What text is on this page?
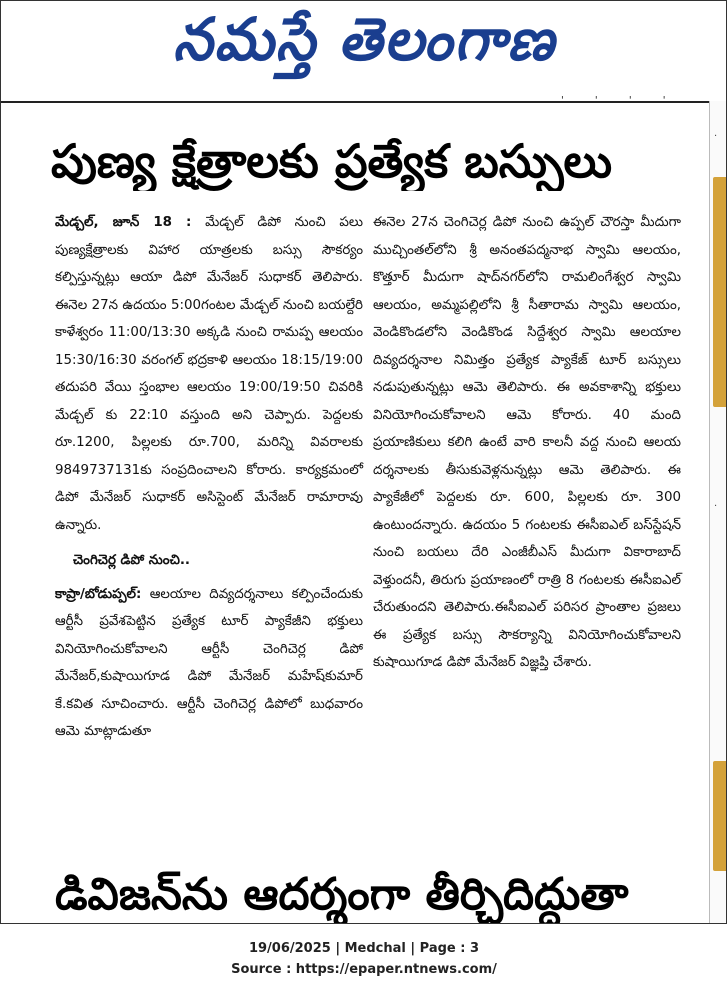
నమస్తే తెలంగాణ
పుణ్య క్షేత్రాలకు ప్రత్యేక బస్సులు

మేడ్చల్‌, జూన్‌ 18 : మేడ్చల్‌ డిపో నుంచి పలు పుణ్యక్షేత్రాలకు విహార యాత్రలకు బస్సు సౌకర్యం కల్పిస్తున్నట్లు ఆయా డిపో మేనేజర్‌ సుధాకర్‌ తెలిపారు. ఈనెల 27న ఉదయం 5:00గంటల మేడ్చల్‌ నుంచి బయల్దేరి కాళేశ్వరం 11:00/13:30 అక్కడి నుంచి రామప్ప ఆలయం 15:30/16:30 వరంగల్‌ భద్రకాళి ఆలయం 18:15/19:00 తదుపరి వేయి స్తంభాల ఆలయం 19:00/19:50 చివరికి మేడ్చల్‌ కు 22:10 వస్తుంది అని చెప్పారు. పెద్దలకు రూ.1200, పిల్లలకు రూ.700, మరిన్ని వివరాలకు 9849737131కు సంప్రదించాలని కోరారు. కార్యక్రమంలో డిపో మేనేజర్‌ సుధాకర్‌ అసిస్టెంట్‌ మేనేజర్‌ రామారావు ఉన్నారు.

చెంగిచెర్ల డిపో నుంచి..

కాప్రా/బోడుప్పల్‌: ఆలయాల దివ్యదర్శనాలు కల్పించేందుకు ఆర్టీసీ ప్రవేశపెట్టిన ప్రత్యేక టూర్‌ ప్యాకేజీని భక్తులు వినియోగించుకోవాలని ఆర్టీసీ చెంగిచెర్ల డిపో మేనేజర్‌,కుషాయిగూడ డిపో మేనేజర్‌ మహేష్‌కుమార్‌ కే.కవిత సూచించారు. ఆర్టీసీ చెంగిచెర్ల డిపోలో బుధవారం ఆమె మాట్లాడుతూ

ఈనెల 27న చెంగిచెర్ల డిపో నుంచి ఉప్పల్‌ చౌరస్తా మీదుగా ముచ్చింతల్‌లోని శ్రీ అనంతపద్మనాభ స్వామి ఆలయం, కొత్తూర్‌ మీదుగా షాద్‌నగర్‌లోని రామలింగేశ్వర స్వామి ఆలయం, అమ్మపల్లిలోని శ్రీ సీతారామ స్వామి ఆలయం, వెండికొండలోని వెండికొండ సిద్దేశ్వర స్వామి ఆలయాల దివ్యదర్శనాల నిమిత్తం ప్రత్యేక ప్యాకేజ్‌ టూర్‌ బస్సులు నడుపుతున్నట్లు ఆమె తెలిపారు. ఈ అవకాశాన్ని భక్తులు వినియోగించుకోవాలని ఆమె కోరారు. 40 మంది ప్రయాణికులు కలిగి ఉంటే వారి కాలనీ వద్ద నుంచి ఆలయ దర్శనాలకు తీసుకువెళ్లనున్నట్లు ఆమె తెలిపారు. ఈ ప్యాకేజీలో పెద్దలకు రూ. 600, పిల్లలకు రూ. 300 ఉంటుందన్నారు. ఉదయం 5 గంటలకు ఈసీఐఎల్‌ బస్‌స్టేషన్‌ నుంచి బయలు దేరి ఎంజీబీఎస్‌ మీదుగా వికారాబాద్‌ వెళ్తుందనీ, తిరుగు ప్రయాణంలో రాత్రి 8 గంటలకు ఈసీఐఎల్‌ చేరుతుందని తెలిపారు.ఈసీఐఎల్‌ పరిసర ప్రాంతాల ప్రజలు ఈ ప్రత్యేక బస్సు సౌకర్యాన్ని వినియోగించుకోవాలని కుషాయిగూడ డిపో మేనేజర్‌ విజ్ఞప్తి చేశారు.

డివిజన్‌ను ఆదర్శంగా తీర్చిదిద్దుతా
·
·
19/06/2025 | Medchal | Page : 3
Source : https://epaper.ntnews.com/
